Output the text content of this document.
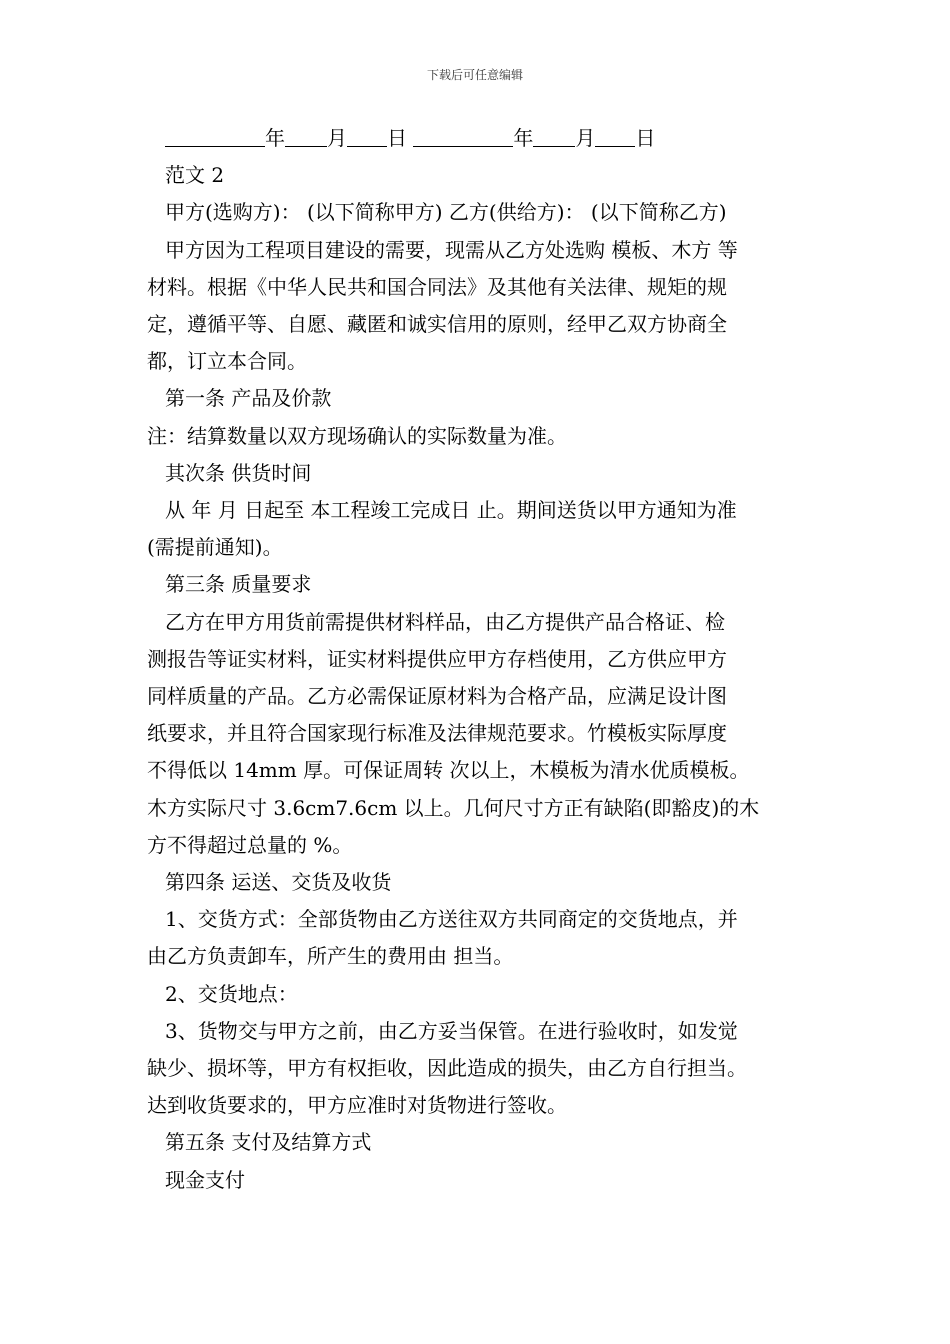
下载后可任意编辑

年 月 日	年 月 日

范文 2

甲方(选购方)： (以下简称甲方) 乙方(供给方)： (以下简称乙方)

甲方因为工程项目建设的需要，现需从乙方处选购 模板、木方 等

材料。根据《中华人民共和国合同法》及其他有关法律、规矩的规

定，遵循平等、自愿、藏匿和诚实信用的原则，经甲乙双方协商全

都，订立本合同。

第一条 产品及价款

注：结算数量以双方现场确认的实际数量为准。

其次条 供货时间

从 年 月 日起至 本工程竣工完成日 止。期间送货以甲方通知为准

(需提前通知)。

第三条 质量要求

乙方在甲方用货前需提供材料样品，由乙方提供产品合格证、检

测报告等证实材料，证实材料提供应甲方存档使用，乙方供应甲方

同样质量的产品。乙方必需保证原材料为合格产品，应满足设计图

纸要求，并且符合国家现行标准及法律规范要求。竹模板实际厚度

不得低以 14mm 厚。可保证周转 次以上，木模板为清水优质模板。

木方实际尺寸 3.6cm7.6cm 以上。几何尺寸方正有缺陷(即豁皮)的木

方不得超过总量的 %。

第四条 运送、交货及收货

1、交货方式：全部货物由乙方送往双方共同商定的交货地点，并

由乙方负责卸车，所产生的费用由 担当。

2、交货地点：

3、货物交与甲方之前，由乙方妥当保管。在进行验收时，如发觉

缺少、损坏等，甲方有权拒收，因此造成的损失，由乙方自行担当。

达到收货要求的，甲方应准时对货物进行签收。

第五条 支付及结算方式

现金支付
